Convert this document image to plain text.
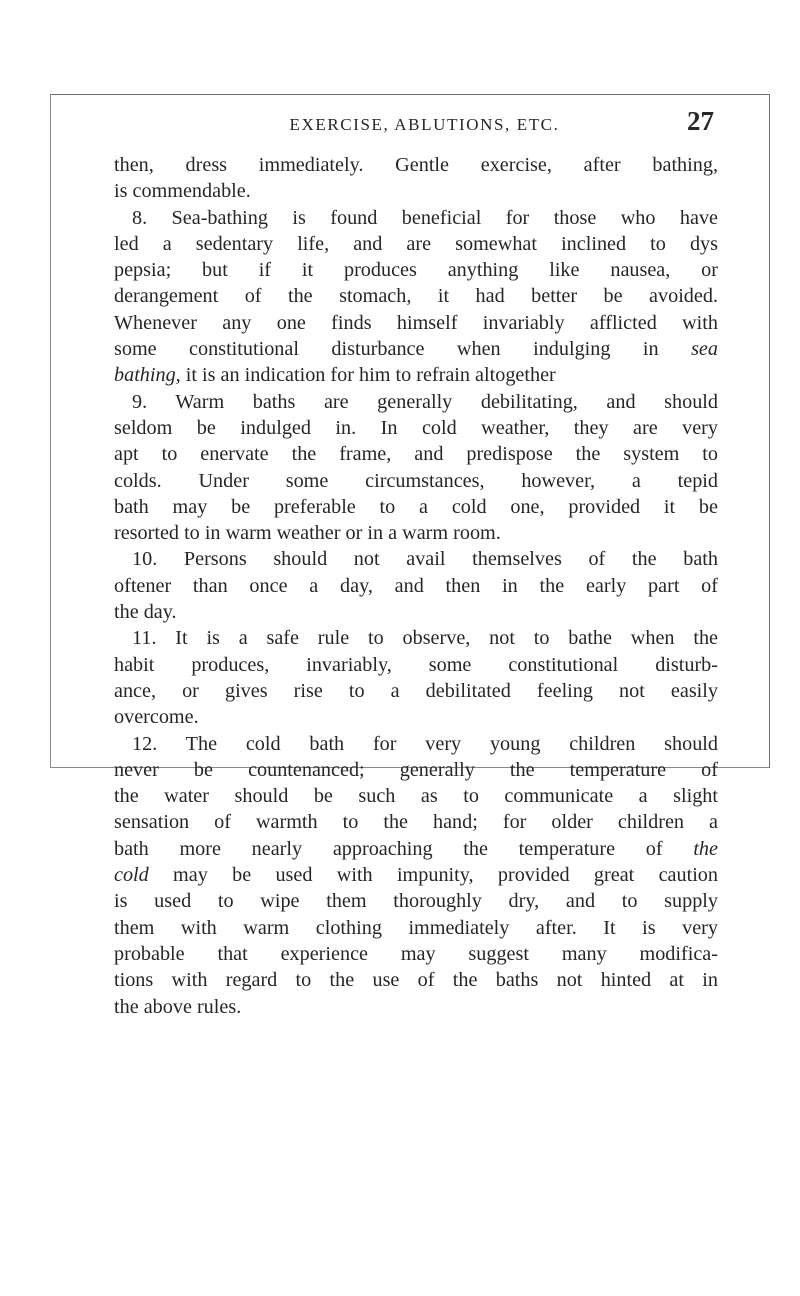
EXERCISE, ABLUTIONS, ETC.	27
then, dress immediately. Gentle exercise, after bathing,
is commendable.
8. Sea-bathing is found beneficial for those who have
led a sedentary life, and are somewhat inclined to dys
pepsia; but if it produces anything like nausea, or
derangement of the stomach, it had better be avoided.
Whenever any one finds himself invariably afflicted with
some constitutional disturbance when indulging in sea
bathing, it is an indication for him to refrain altogether
9. Warm baths are generally debilitating, and should
seldom be indulged in. In cold weather, they are very
apt to enervate the frame, and predispose the system to
colds. Under some circumstances, however, a tepid
bath may be preferable to a cold one, provided it be
resorted to in warm weather or in a warm room.
10. Persons should not avail themselves of the bath
oftener than once a day, and then in the early part of
the day.
11. It is a safe rule to observe, not to bathe when the
habit produces, invariably, some constitutional disturb-
ance, or gives rise to a debilitated feeling not easily
overcome.
12. The cold bath for very young children should
never be countenanced; generally the temperature of
the water should be such as to communicate a slight
sensation of warmth to the hand; for older children a
bath more nearly approaching the temperature of the
cold may be used with impunity, provided great caution
is used to wipe them thoroughly dry, and to supply
them with warm clothing immediately after. It is very
probable that experience may suggest many modifica-
tions with regard to the use of the baths not hinted at in
the above rules.
